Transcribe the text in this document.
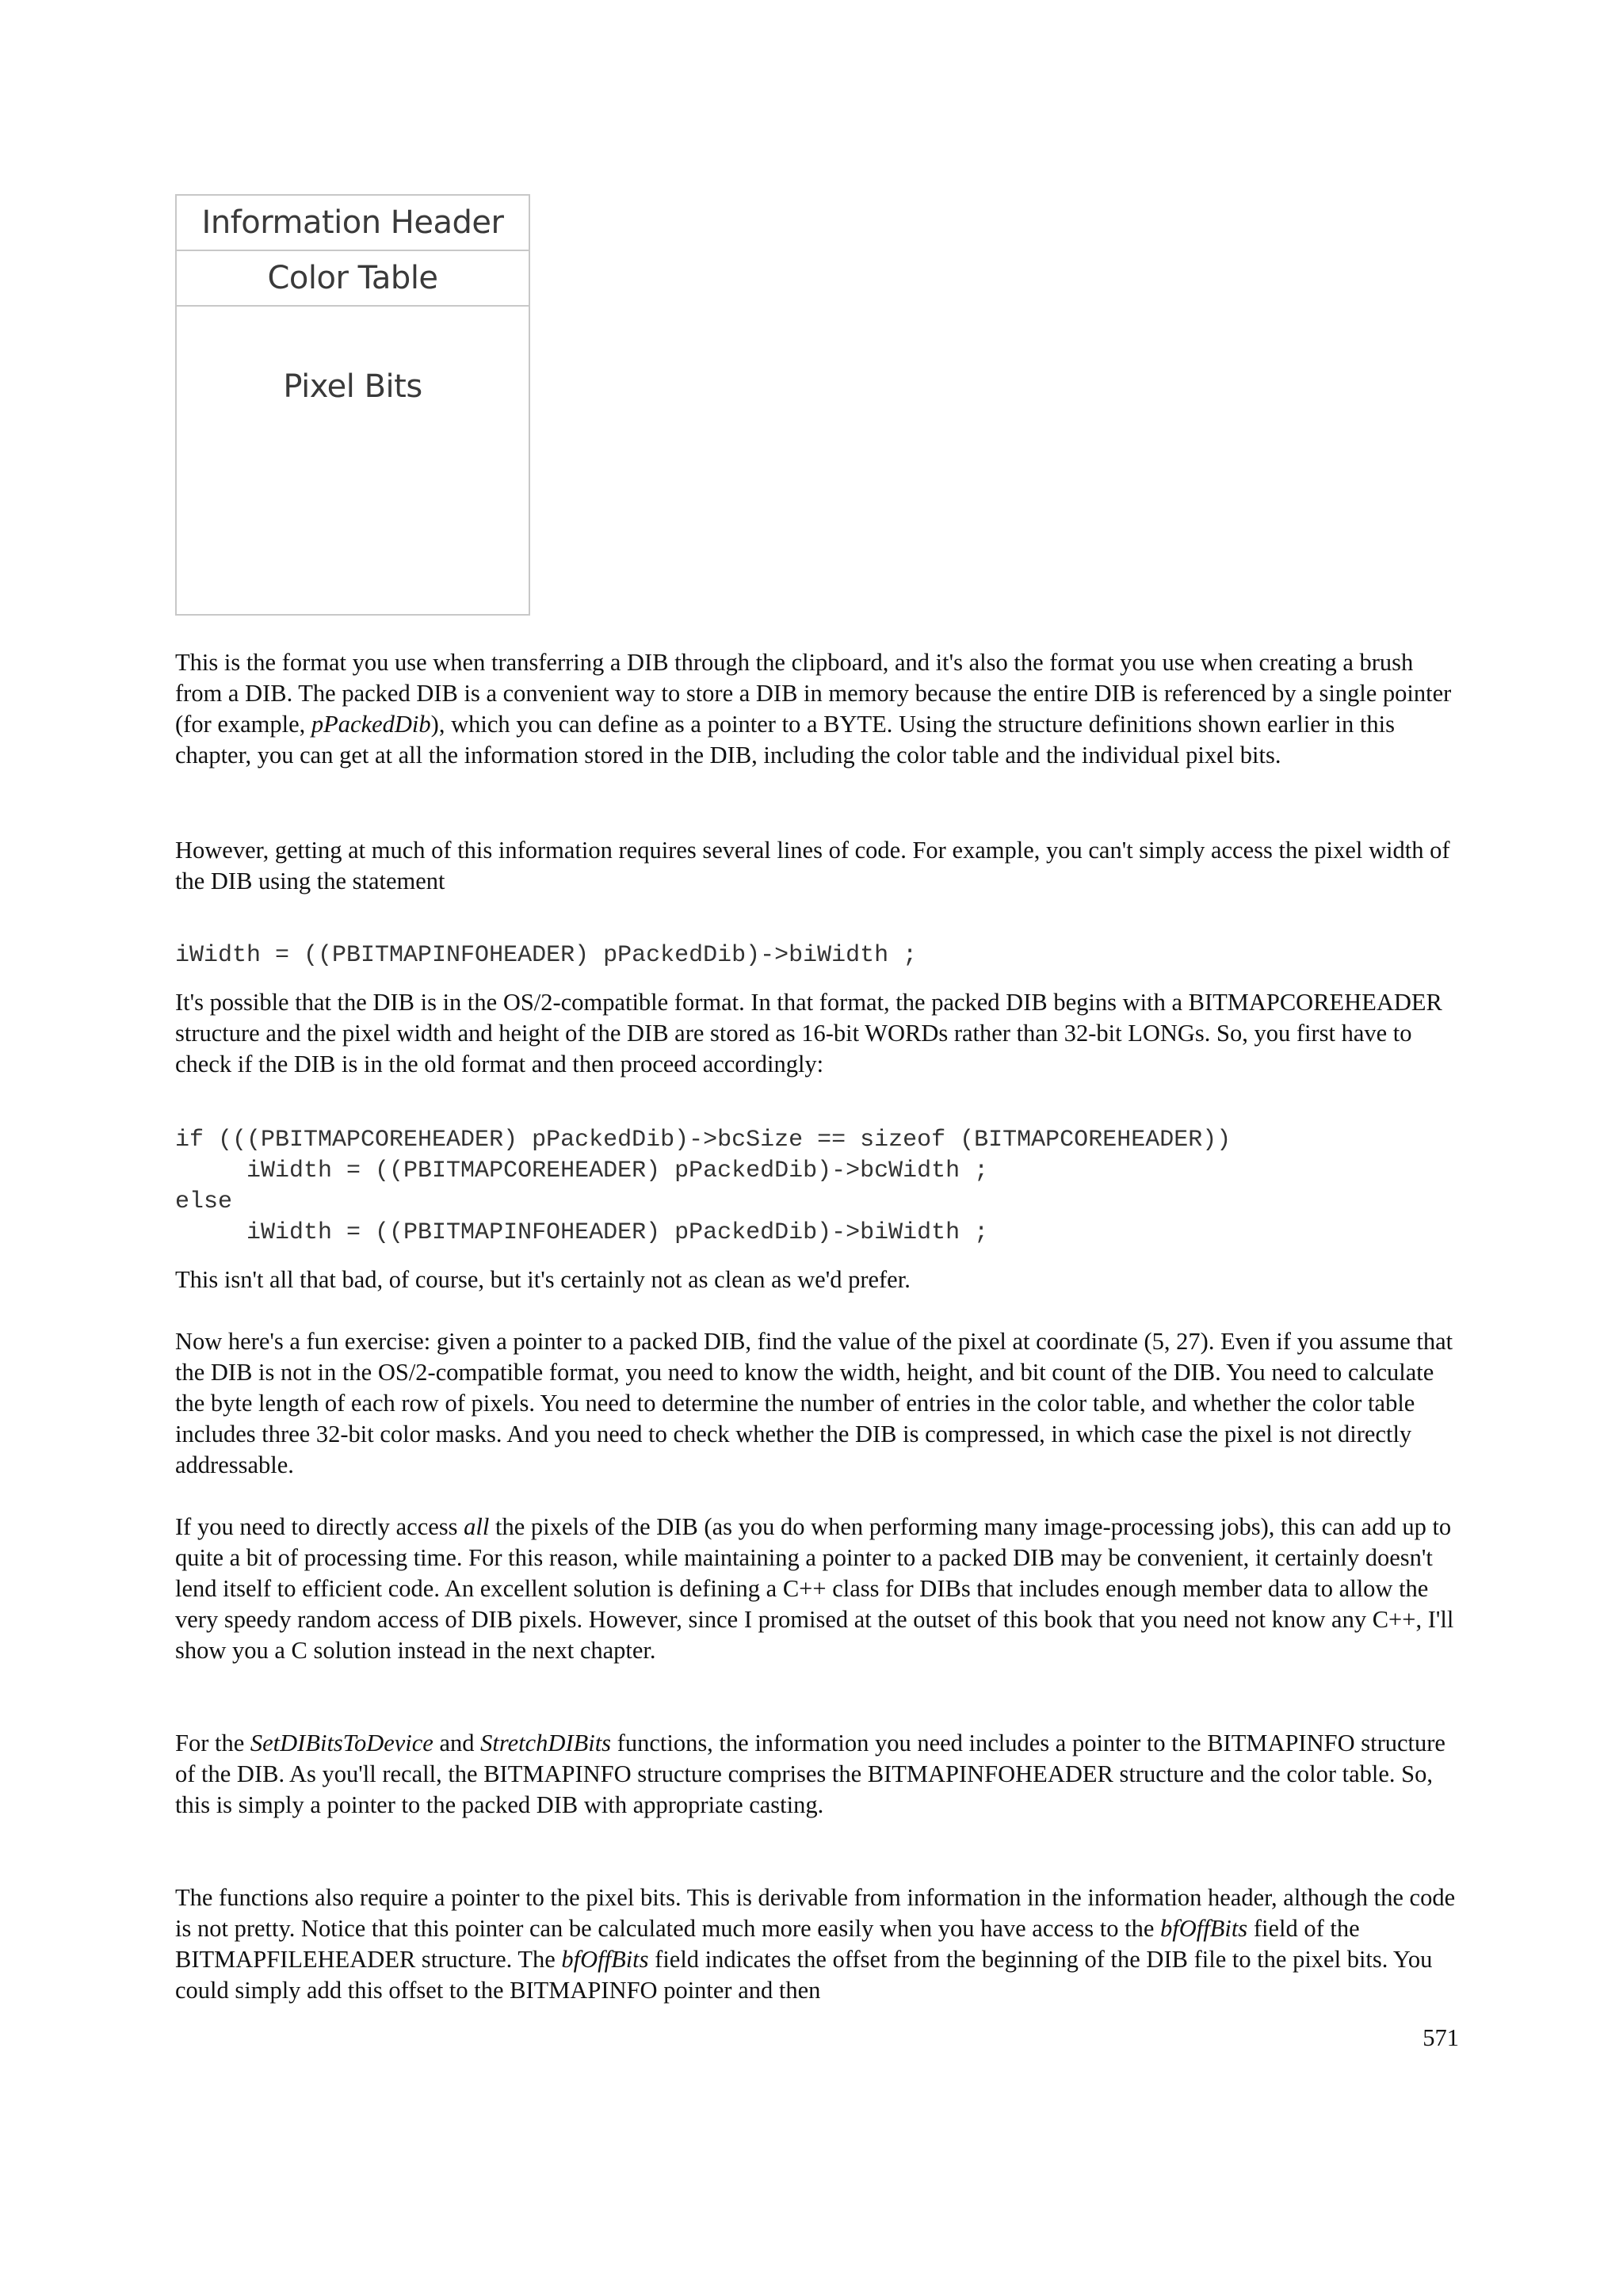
Information Header
Color Table
Pixel Bits

This is the format you use when transferring a DIB through the clipboard, and it's also the format you use when creating a brush from a DIB. The packed DIB is a convenient way to store a DIB in memory because the entire DIB is referenced by a single pointer (for example, pPackedDib), which you can define as a pointer to a BYTE. Using the structure definitions shown earlier in this chapter, you can get at all the information stored in the DIB, including the color table and the individual pixel bits.

However, getting at much of this information requires several lines of code. For example, you can't simply access the pixel width of the DIB using the statement

iWidth = ((PBITMAPINFOHEADER) pPackedDib)->biWidth ;

It's possible that the DIB is in the OS/2-compatible format. In that format, the packed DIB begins with a BITMAPCOREHEADER structure and the pixel width and height of the DIB are stored as 16-bit WORDs rather than 32-bit LONGs. So, you first have to check if the DIB is in the old format and then proceed accordingly:

if (((PBITMAPCOREHEADER) pPackedDib)->bcSize == sizeof (BITMAPCOREHEADER))
iWidth = ((PBITMAPCOREHEADER) pPackedDib)->bcWidth ;
else
iWidth = ((PBITMAPINFOHEADER) pPackedDib)->biWidth ;

This isn't all that bad, of course, but it's certainly not as clean as we'd prefer.

Now here's a fun exercise: given a pointer to a packed DIB, find the value of the pixel at coordinate (5, 27). Even if you assume that the DIB is not in the OS/2-compatible format, you need to know the width, height, and bit count of the DIB. You need to calculate the byte length of each row of pixels. You need to determine the number of entries in the color table, and whether the color table includes three 32-bit color masks. And you need to check whether the DIB is compressed, in which case the pixel is not directly addressable.

If you need to directly access all the pixels of the DIB (as you do when performing many image-processing jobs), this can add up to quite a bit of processing time. For this reason, while maintaining a pointer to a packed DIB may be convenient, it certainly doesn't lend itself to efficient code. An excellent solution is defining a C++ class for DIBs that includes enough member data to allow the very speedy random access of DIB pixels. However, since I promised at the outset of this book that you need not know any C++, I'll show you a C solution instead in the next chapter.

For the SetDIBitsToDevice and StretchDIBits functions, the information you need includes a pointer to the BITMAPINFO structure of the DIB. As you'll recall, the BITMAPINFO structure comprises the BITMAPINFOHEADER structure and the color table. So, this is simply a pointer to the packed DIB with appropriate casting.

The functions also require a pointer to the pixel bits. This is derivable from information in the information header, although the code is not pretty. Notice that this pointer can be calculated much more easily when you have access to the bfOffBits field of the BITMAPFILEHEADER structure. The bfOffBits field indicates the offset from the beginning of the DIB file to the pixel bits. You could simply add this offset to the BITMAPINFO pointer and then

571
